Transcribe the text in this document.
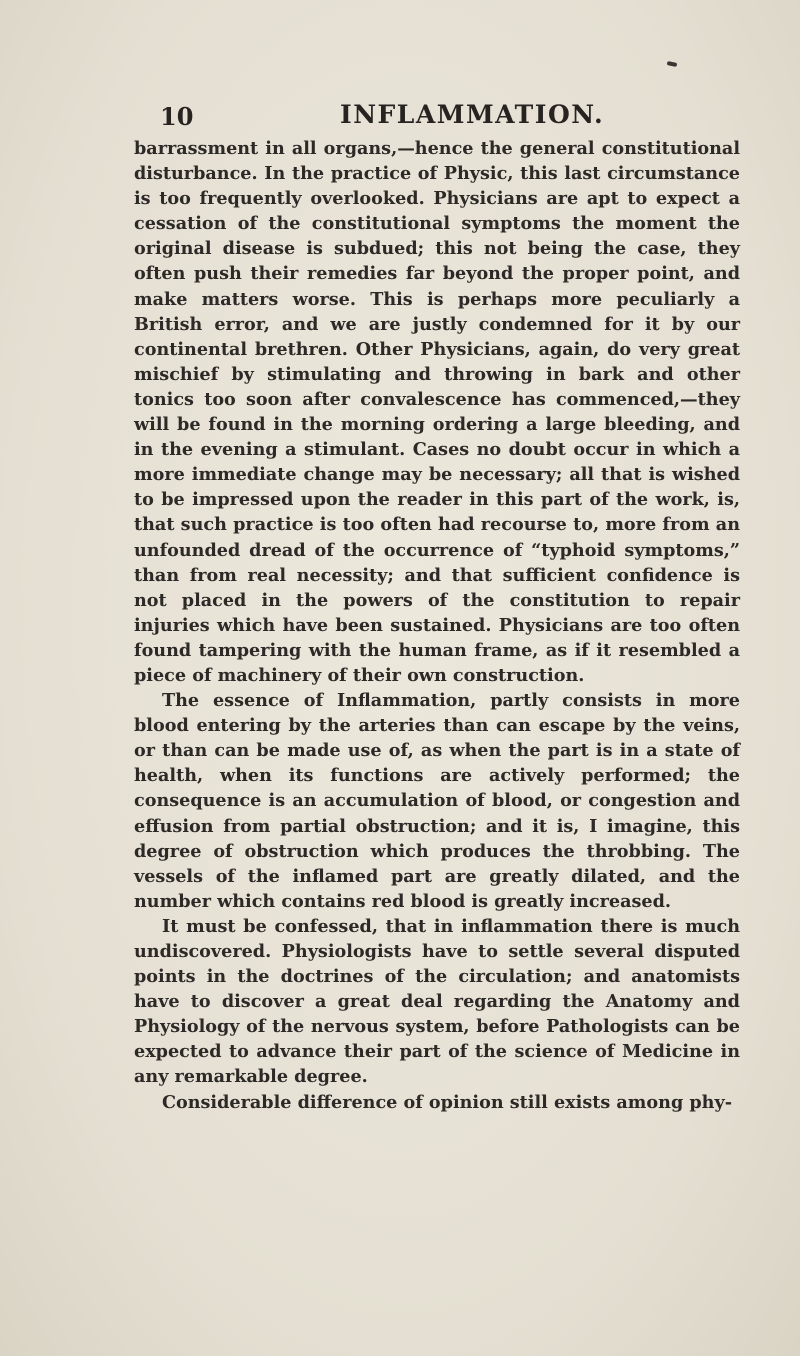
10	INFLAMMATION.

barrassment in all organs,—hence the general constitutional disturbance. In the practice of Physic, this last circumstance is too frequently overlooked. Physicians are apt to expect a cessation of the constitutional symptoms the moment the original disease is subdued; this not being the case, they often push their remedies far beyond the proper point, and make matters worse. This is perhaps more peculiarly a British error, and we are justly condemned for it by our continental brethren. Other Physicians, again, do very great mischief by stimulating and throwing in bark and other tonics too soon after convalescence has commenced,—they will be found in the morning ordering a large bleeding, and in the evening a stimulant. Cases no doubt occur in which a more immediate change may be necessary; all that is wished to be impressed upon the reader in this part of the work, is, that such practice is too often had recourse to, more from an unfounded dread of the occurrence of “typhoid symptoms,” than from real necessity; and that sufficient confidence is not placed in the powers of the constitution to repair injuries which have been sustained. Physicians are too often found tampering with the human frame, as if it resembled a piece of machinery of their own construction.

The essence of Inflammation, partly consists in more blood entering by the arteries than can escape by the veins, or than can be made use of, as when the part is in a state of health, when its functions are actively performed; the consequence is an accumulation of blood, or congestion and effusion from partial obstruction; and it is, I imagine, this degree of obstruction which produces the throbbing. The vessels of the inflamed part are greatly dilated, and the number which contains red blood is greatly increased.

It must be confessed, that in inflammation there is much undiscovered. Physiologists have to settle several disputed points in the doctrines of the circulation; and anatomists have to discover a great deal regarding the Anatomy and Physiology of the nervous system, before Pathologists can be expected to advance their part of the science of Medicine in any remarkable degree.

Considerable difference of opinion still exists among phy-
